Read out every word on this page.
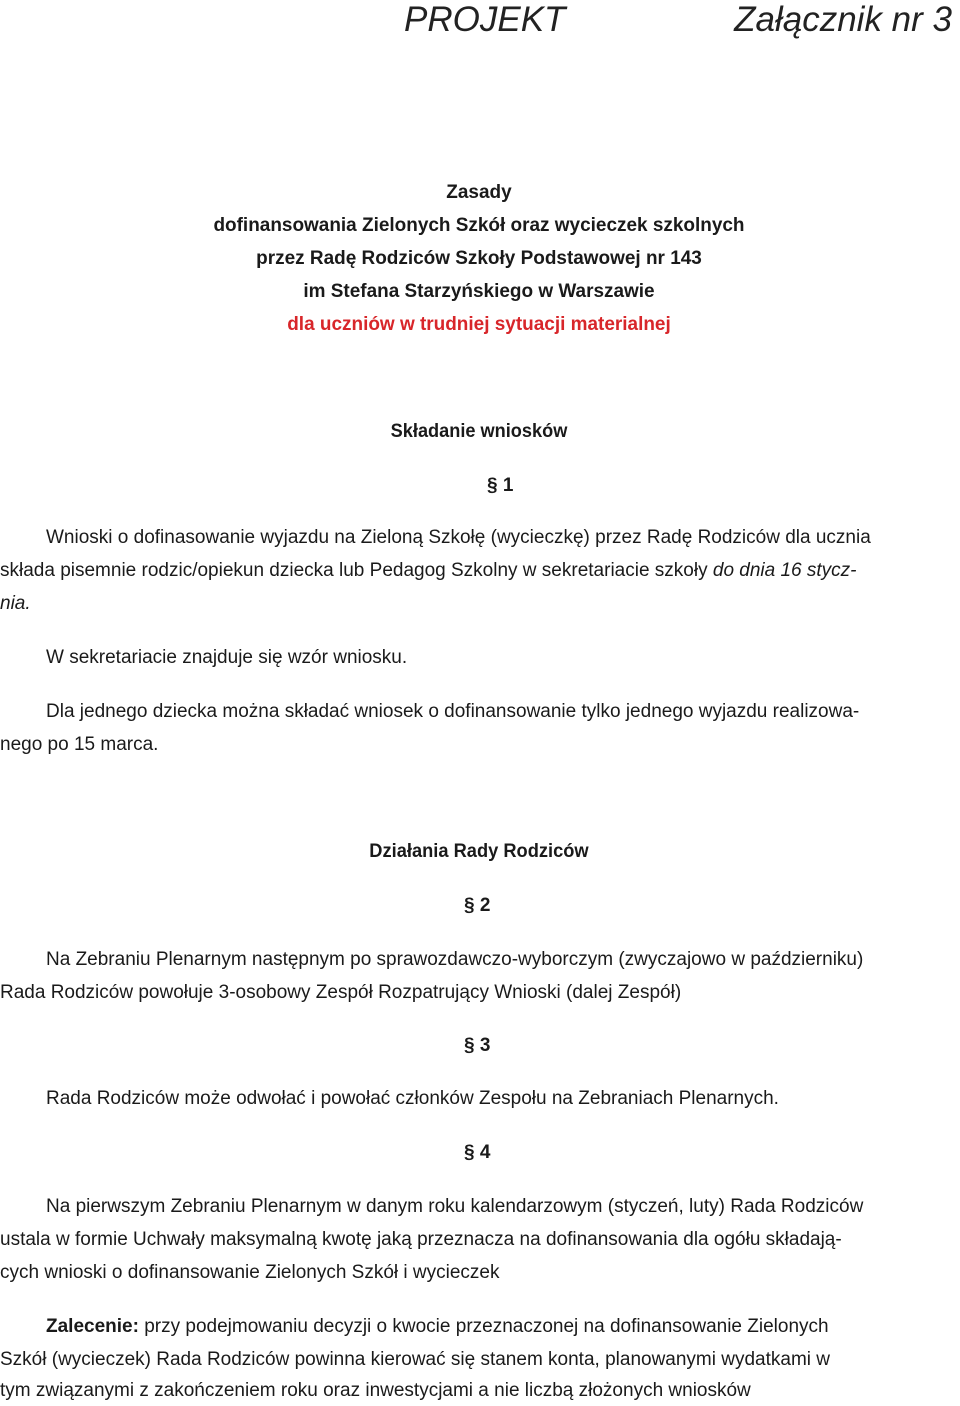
PROJEKT	Załącznik nr 3
Zasady
dofinansowania Zielonych Szkół oraz wycieczek szkolnych
przez Radę Rodziców Szkoły Podstawowej nr 143
im Stefana Starzyńskiego w Warszawie
dla uczniów w trudniej sytuacji materialnej
Składanie wniosków
§ 1
Wnioski o dofinasowanie wyjazdu na Zieloną Szkołę (wycieczkę) przez Radę Rodziców dla ucznia
składa pisemnie rodzic/opiekun dziecka lub Pedagog Szkolny w sekretariacie szkoły do dnia 16 stycz-
nia.
W sekretariacie znajduje się wzór wniosku.
Dla jednego dziecka można składać wniosek o dofinansowanie tylko jednego wyjazdu realizowa-
nego po 15 marca.
Działania Rady Rodziców
§ 2
Na Zebraniu Plenarnym następnym po sprawozdawczo-wyborczym (zwyczajowo w październiku)
Rada Rodziców powołuje 3-osobowy Zespół Rozpatrujący Wnioski (dalej Zespół)
§ 3
Rada Rodziców może odwołać i powołać członków Zespołu na Zebraniach Plenarnych.
§ 4
Na pierwszym Zebraniu Plenarnym w danym roku kalendarzowym (styczeń, luty) Rada Rodziców
ustala w formie Uchwały maksymalną kwotę jaką przeznacza na dofinansowania dla ogółu składają-
cych wnioski o dofinansowanie Zielonych Szkół i wycieczek
Zalecenie: przy podejmowaniu decyzji o kwocie przeznaczonej na dofinansowanie Zielonych
Szkół (wycieczek) Rada Rodziców powinna kierować się stanem konta, planowanymi wydatkami w
tym związanymi z zakończeniem roku oraz inwestycjami a nie liczbą złożonych wniosków
